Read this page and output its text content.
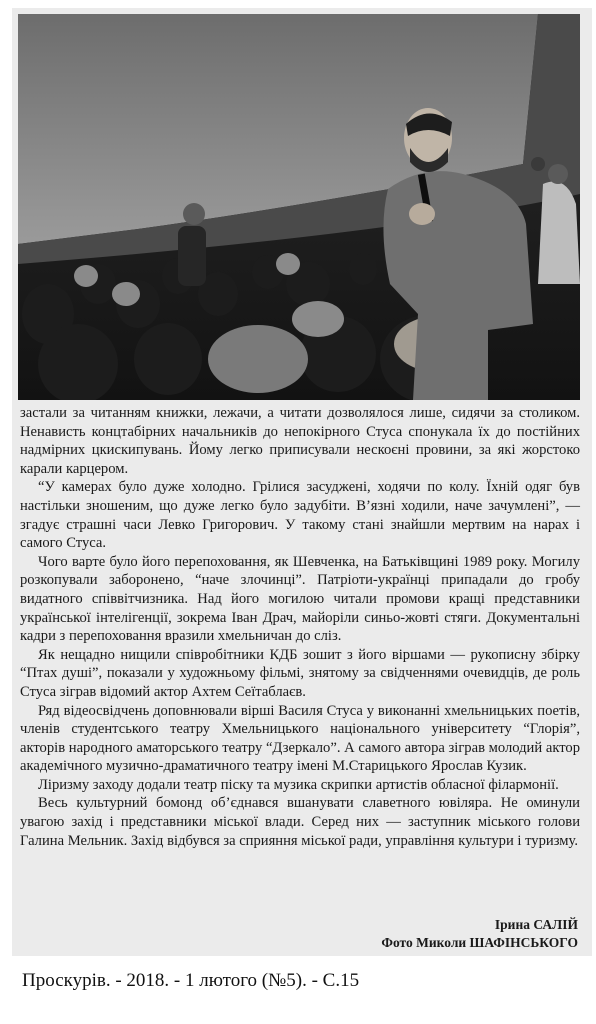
застали за читанням книжки, лежачи, а читати дозволялося лише, сидячи за столиком. Ненависть концтабірних начальників до непокірного Стуса спонукала їх до постійних надмірних цкискипувань. Йому легко приписували нескоєні провини, за які жорстоко карали карцером.

“У камерах було дуже холодно. Грілися засуджені, ходячи по колу. Їхній одяг був настільки зношеним, що дуже легко було задубіти. В’язні ходили, наче зачумлені”, — згадує страшні часи Левко Григорович. У такому стані знайшли мертвим на нарах і самого Стуса.

Чого варте було його перепоховання, як Шевченка, на Батьківщині 1989 року. Могилу розкопували заборонено, “наче злочинці”. Патріоти-українці припадали до гробу видатного співвітчизника. Над його могилою читали промови кращі представники української інтелігенції, зокрема Іван Драч, майоріли синьо-жовті стяги. Документальні кадри з перепоховання вразили хмельничан до сліз.

Як нещадно нищили співробітники КДБ зошит з його віршами — рукописну збірку “Птах душі”, показали у художньому фільмі, знятому за свідченнями очевидців, де роль Стуса зіграв відомий актор Ахтем Сеїтаблаєв.

Ряд відеосвідчень доповнювали вірші Василя Стуса у виконанні хмельницьких поетів, членів студентського театру Хмельницького національного університету “Глорія”, акторів народного аматорського театру “Дзеркало”. А самого автора зіграв молодий актор академічного музично-драматичного театру імені М.Старицького Ярослав Кузик.

Ліризму заходу додали театр піску та музика скрипки артистів обласної філармонії.

Весь культурний бомонд об’єднався вшанувати славетного ювіляра. Не оминули увагою захід і представники міської влади. Серед них — заступник міського голови Галина Мельник. Захід відбувся за сприяння міської ради, управління культури і туризму.

Ірина САЛІЙ
Фото Миколи ШАФІНСЬКОГО
Проскурів. - 2018. - 1 лютого (№5). - С.15
